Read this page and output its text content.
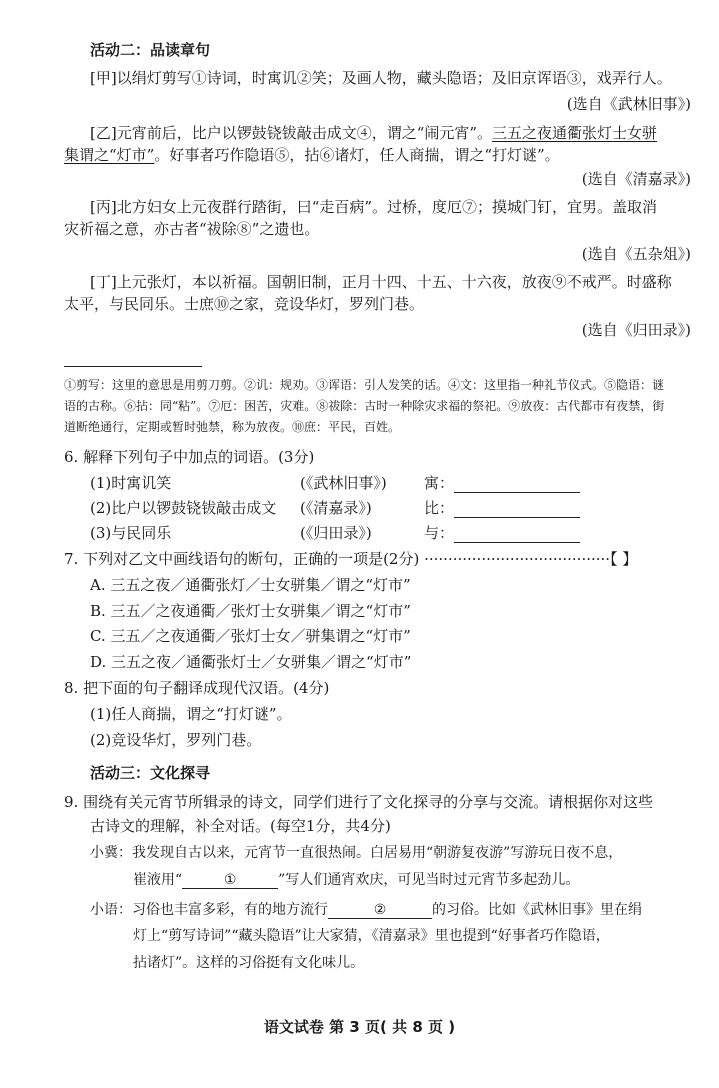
活动二：品读章句
[甲]以绢灯剪写①诗词，时寓讥②笑；及画人物，藏头隐语；及旧京诨语③，戏弄行人。
(选自《武林旧事》)
[乙]元宵前后，比户以锣鼓铙钹敲击成文④，谓之“闹元宵”。三五之夜通衢张灯士女骈
集谓之“灯市”。好事者巧作隐语⑤，拈⑥诸灯，任人商揣，谓之“打灯谜”。
(选自《清嘉录》)
[丙]北方妇女上元夜群行踏街，曰“走百病”。过桥，度厄⑦；摸城门钉，宜男。盖取消
灾祈福之意，亦古者“祓除⑧”之遗也。
(选自《五杂俎》)
[丁]上元张灯，本以祈福。国朝旧制，正月十四、十五、十六夜，放夜⑨不戒严。时盛称
太平，与民同乐。士庶⑩之家，竞设华灯，罗列门巷。
(选自《归田录》)
①剪写：这里的意思是用剪刀剪。②讥：规劝。③诨语：引人发笑的话。④文：这里指一种礼节仪式。⑤隐语：谜
语的古称。⑥拈：同“粘”。⑦厄：困苦，灾难。⑧祓除：古时一种除灾求福的祭祀。⑨放夜：古代都市有夜禁，街
道断绝通行，定期或暂时弛禁，称为放夜。⑩庶：平民，百姓。
6. 解释下列句子中加点的词语。(3分)
(1)时寓讥笑	(《武林旧事》) 寓：
(2)比户以锣鼓铙钹敲击成文 (《清嘉录》)	比：
(3)与民同乐	(《归田录》)	与：
7. 下列对乙文中画线语句的断句，正确的一项是(2分) ·······································【 】
A. 三五之夜／通衢张灯／士女骈集／谓之“灯市”
B. 三五／之夜通衢／张灯士女骈集／谓之“灯市”
C. 三五／之夜通衢／张灯士女／骈集谓之“灯市”
D. 三五之夜／通衢张灯士／女骈集／谓之“灯市”
8. 把下面的句子翻译成现代汉语。(4分)
(1)任人商揣，谓之“打灯谜”。
(2)竞设华灯，罗列门巷。
活动三：文化探寻
9. 围绕有关元宵节所辑录的诗文，同学们进行了文化探寻的分享与交流。请根据你对这些
古诗文的理解，补全对话。(每空1分，共4分)
小冀：我发现自古以来，元宵节一直很热闹。白居易用“朝游复夜游”写游玩日夜不息，
崔液用“	①	”写人们通宵欢庆，可见当时过元宵节多起劲儿。
小语：习俗也丰富多彩，有的地方流行	②	的习俗。比如《武林旧事》里在绢
灯上“剪写诗词”“藏头隐语”让大家猜，《清嘉录》里也提到“好事者巧作隐语，
拈诸灯”。这样的习俗挺有文化味儿。
语文试卷 第 3 页( 共 8 页 )
